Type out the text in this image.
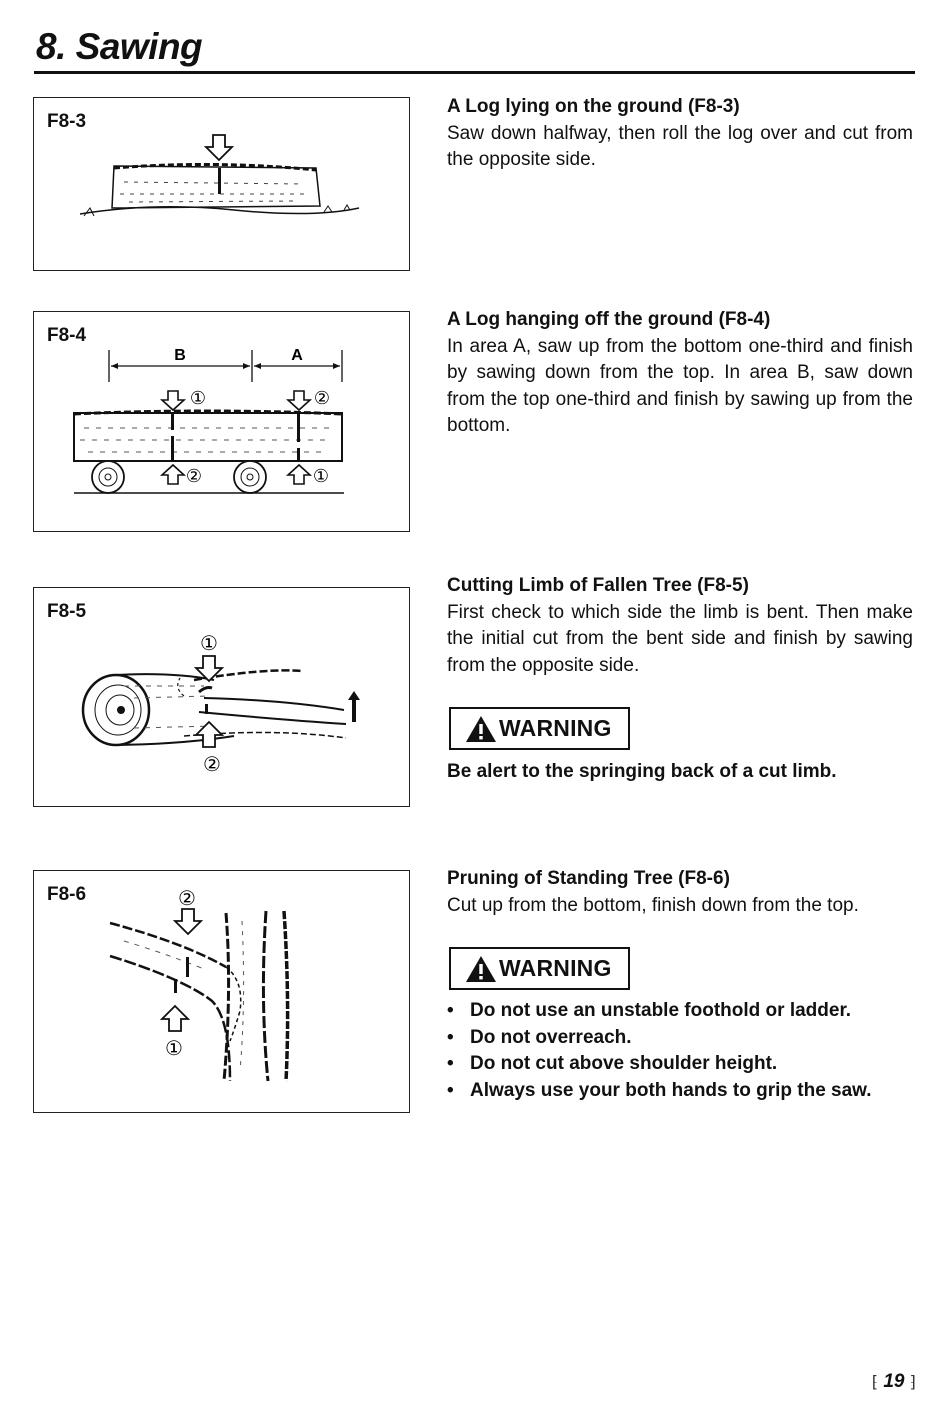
8. Sawing
F8-3
B	A
①	②
②	①
F8-4
①
②
F8-5
②
①
F8-6
A Log lying on the ground (F8-3)
Saw down halfway, then roll the log over and cut from the opposite side.
A Log hanging off the ground (F8-4)
In area A, saw up from the bottom one-third and finish by sawing down from the top. In area B, saw down from the top one-third and finish by sawing up from the bottom.
Cutting Limb of Fallen Tree (F8-5)
First check to which side the limb is bent. Then make the initial cut from the bent side and finish by sawing from the opposite side.
WARNING
Be alert to the springing back of a cut limb.
Pruning of Standing Tree (F8-6)
Cut up from the bottom, finish down from the top.
WARNING
• Do not use an unstable foothold or ladder.
• Do not overreach.
• Do not cut above shoulder height.
• Always use your both hands to grip the saw.
⁅ 19 ⁆
